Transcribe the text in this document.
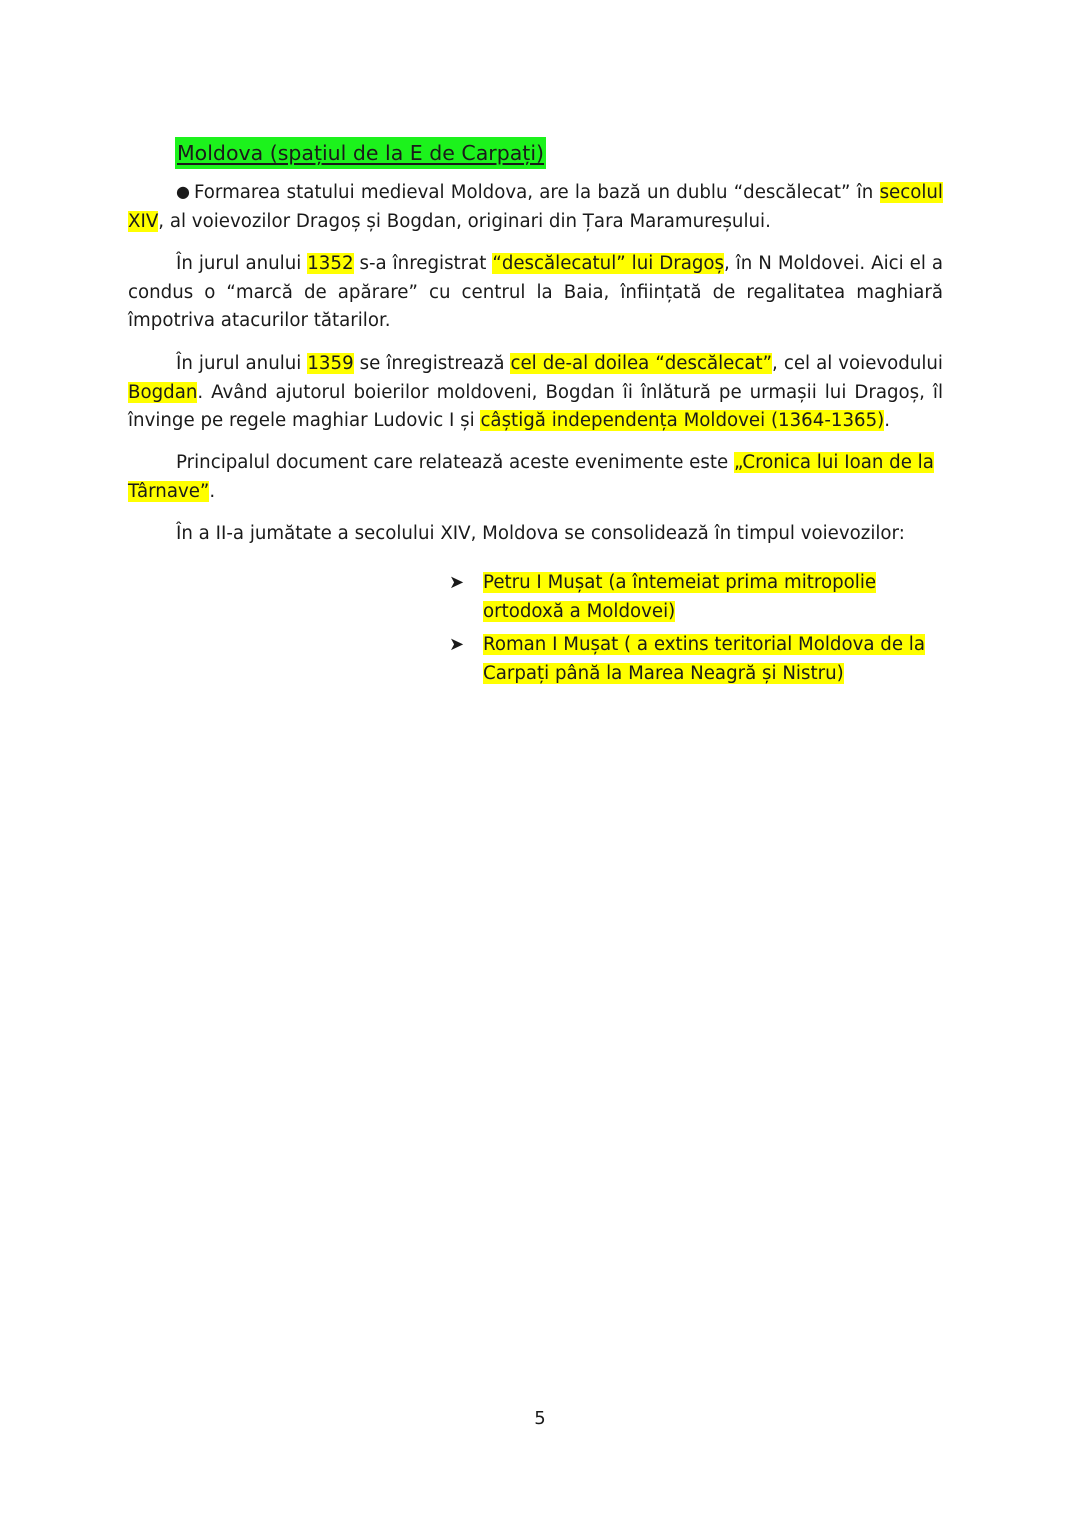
Moldova (spațiul de la E de Carpați)

● Formarea statului medieval Moldova, are la bază un dublu “descălecat” în secolul XIV, al voievozilor Dragoș și Bogdan, originari din Țara Maramureșului.

În jurul anului 1352 s-a înregistrat “descălecatul” lui Dragoș, în N Moldovei. Aici el a condus o “marcă de apărare” cu centrul la Baia, înființată de regalitatea maghiară împotriva atacurilor tătarilor.

În jurul anului 1359 se înregistrează cel de-al doilea “descălecat”, cel al voievodului Bogdan. Având ajutorul boierilor moldoveni, Bogdan îi înlătură pe urmașii lui Dragoș, îl învinge pe regele maghiar Ludovic I și câștigă independența Moldovei (1364-1365).

Principalul document care relatează aceste evenimente este „Cronica lui Ioan de la Târnave”.

În a II-a jumătate a secolului XIV, Moldova se consolidează în timpul voievozilor:

➤ Petru I Mușat (a întemeiat prima mitropolie ortodoxă a Moldovei)
➤ Roman I Mușat ( a extins teritorial Moldova de la Carpați până la Marea Neagră și Nistru)
5
